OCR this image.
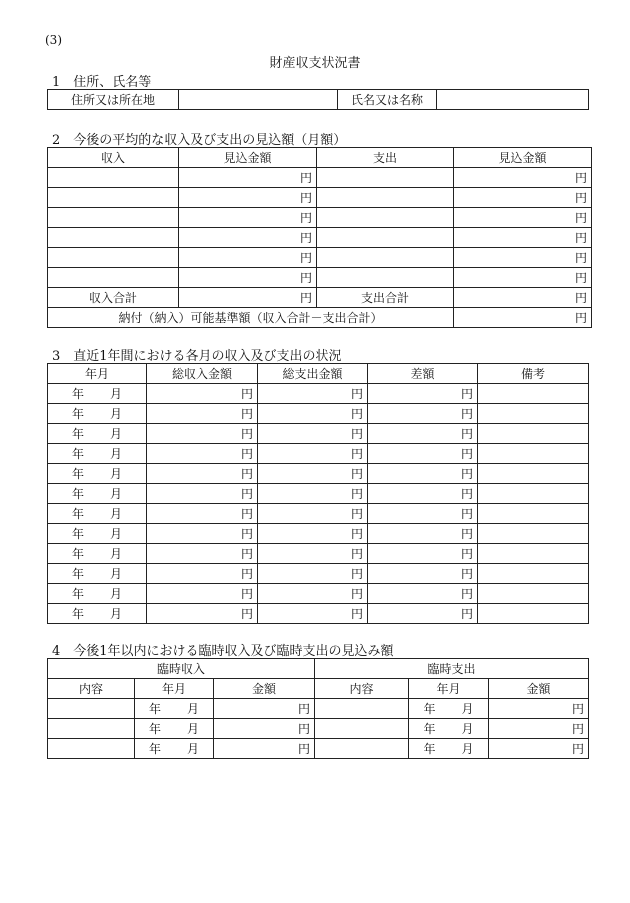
(3)
財産収支状況書
1　住所、氏名等
住所又は所在地		氏名又は名称	
2　今後の平均的な収入及び支出の見込額（月額）
収入	見込金額	支出	見込金額
	円		円
	円		円
	円		円
	円		円
	円		円
	円		円
収入合計	円	支出合計	円
納付（納入）可能基準額（収入合計－支出合計）			円
3　直近1年間における各月の収入及び支出の状況
年月	総収入金額	総支出金額	差額	備考
年 月	円	円	円	
年 月	円	円	円	
年 月	円	円	円	
年 月	円	円	円	
年 月	円	円	円	
年 月	円	円	円	
年 月	円	円	円	
年 月	円	円	円	
年 月	円	円	円	
年 月	円	円	円	
年 月	円	円	円	
年 月	円	円	円	
4　今後1年以内における臨時収入及び臨時支出の見込み額
臨時収入			臨時支出		
内容	年月	金額	内容	年月	金額
	年 月	円		年 月	円
	年 月	円		年 月	円
	年 月	円		年 月	円
